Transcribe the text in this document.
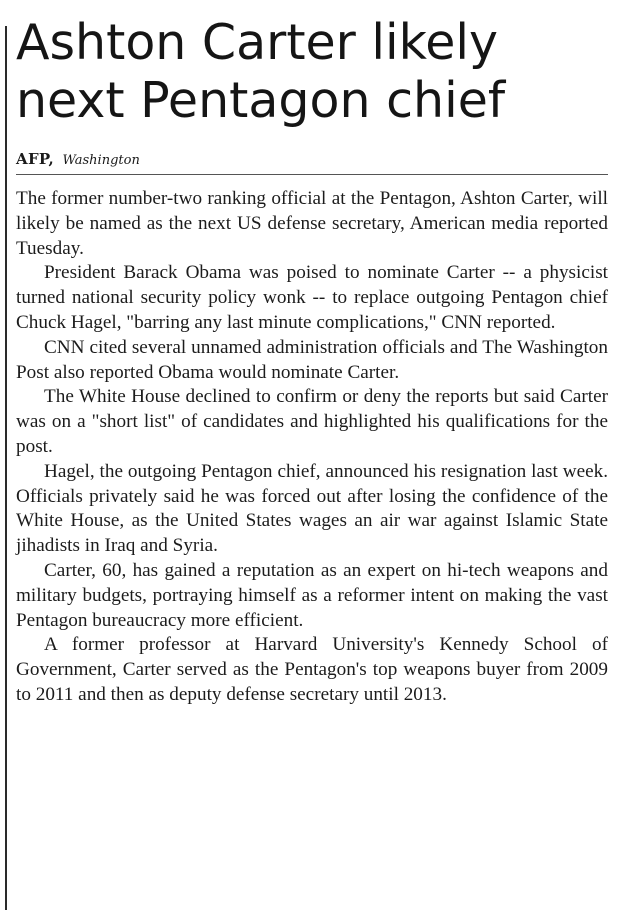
Ashton Carter likely
next Pentagon chief
AFP, Washington

The former number-two ranking official at the Pentagon, Ashton Carter, will likely be named as the next US defense secretary, American media reported Tuesday.

President Barack Obama was poised to nominate Carter -- a physicist turned national security policy wonk -- to replace outgoing Pentagon chief Chuck Hagel, "barring any last minute complications," CNN reported.

CNN cited several unnamed administration officials and The Washington Post also reported Obama would nominate Carter.

The White House declined to confirm or deny the reports but said Carter was on a "short list" of candidates and highlighted his qualifications for the post.

Hagel, the outgoing Pentagon chief, announced his resignation last week. Officials privately said he was forced out after losing the confidence of the White House, as the United States wages an air war against Islamic State jihadists in Iraq and Syria.

Carter, 60, has gained a reputation as an expert on hi-tech weapons and military budgets, portraying himself as a reformer intent on making the vast Pentagon bureaucracy more efficient.

A former professor at Harvard University's Kennedy School of Government, Carter served as the Pentagon's top weapons buyer from 2009 to 2011 and then as deputy defense secretary until 2013.
